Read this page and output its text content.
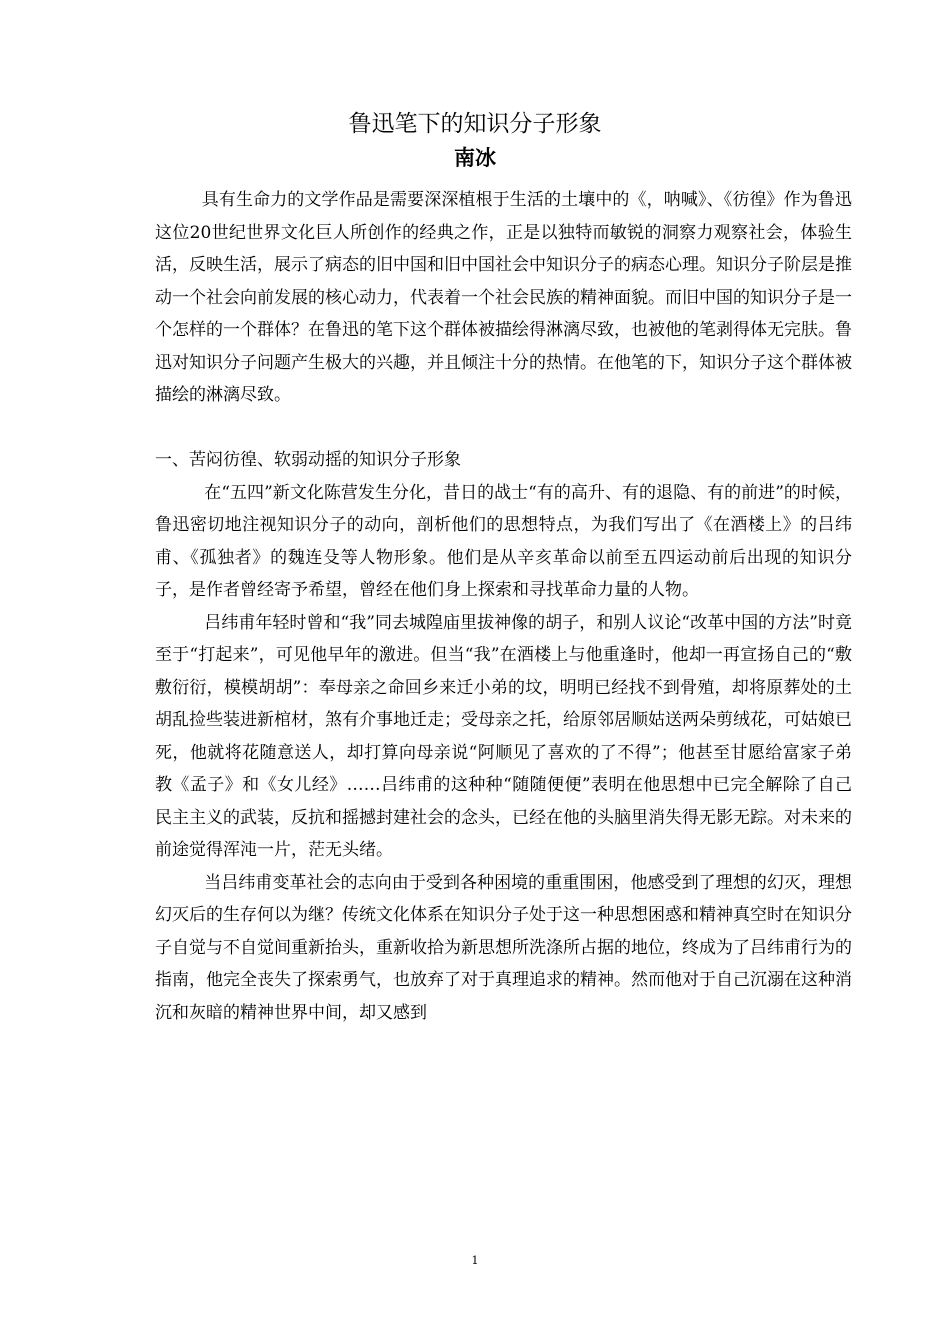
鲁迅笔下的知识分子形象
南冰

具有生命力的文学作品是需要深深植根于生活的土壤中的《，呐喊》、《彷徨》作为鲁迅这位20世纪世界文化巨人所创作的经典之作，正是以独特而敏锐的洞察力观察社会，体验生活，反映生活，展示了病态的旧中国和旧中国社会中知识分子的病态心理。知识分子阶层是推动一个社会向前发展的核心动力，代表着一个社会民族的精神面貌。而旧中国的知识分子是一个怎样的一个群体？在鲁迅的笔下这个群体被描绘得淋漓尽致，也被他的笔剥得体无完肤。鲁迅对知识分子问题产生极大的兴趣，并且倾注十分的热情。在他笔的下，知识分子这个群体被描绘的淋漓尽致。

一、苦闷彷徨、软弱动摇的知识分子形象

在“五四”新文化陈营发生分化，昔日的战士“有的高升、有的退隐、有的前进”的时候，鲁迅密切地注视知识分子的动向，剖析他们的思想特点，为我们写出了《在酒楼上》的吕纬甫、《孤独者》的魏连殳等人物形象。他们是从辛亥革命以前至五四运动前后出现的知识分子，是作者曾经寄予希望，曾经在他们身上探索和寻找革命力量的人物。

吕纬甫年轻时曾和“我”同去城隍庙里拔神像的胡子，和别人议论“改革中国的方法”时竟至于“打起来”，可见他早年的激进。但当“我”在酒楼上与他重逢时，他却一再宣扬自己的“敷敷衍衍，模模胡胡”：奉母亲之命回乡来迁小弟的坟，明明已经找不到骨殖，却将原葬处的土胡乱捡些装进新棺材，煞有介事地迁走；受母亲之托，给原邻居顺姑送两朵剪绒花，可姑娘已死，他就将花随意送人，却打算向母亲说“阿顺见了喜欢的了不得”；他甚至甘愿给富家子弟教《孟子》和《女儿经》……吕纬甫的这种种“随随便便”表明在他思想中已完全解除了自己民主主义的武装，反抗和摇撼封建社会的念头，已经在他的头脑里消失得无影无踪。对未来的前途觉得浑沌一片，茫无头绪。

当吕纬甫变革社会的志向由于受到各种困境的重重围困，他感受到了理想的幻灭，理想幻灭后的生存何以为继？传统文化体系在知识分子处于这一种思想困惑和精神真空时在知识分子自觉与不自觉间重新抬头，重新收拾为新思想所洗涤所占据的地位，终成为了吕纬甫行为的指南，他完全丧失了探索勇气，也放弃了对于真理追求的精神。然而他对于自己沉溺在这种消沉和灰暗的精神世界中间，却又感到

1
